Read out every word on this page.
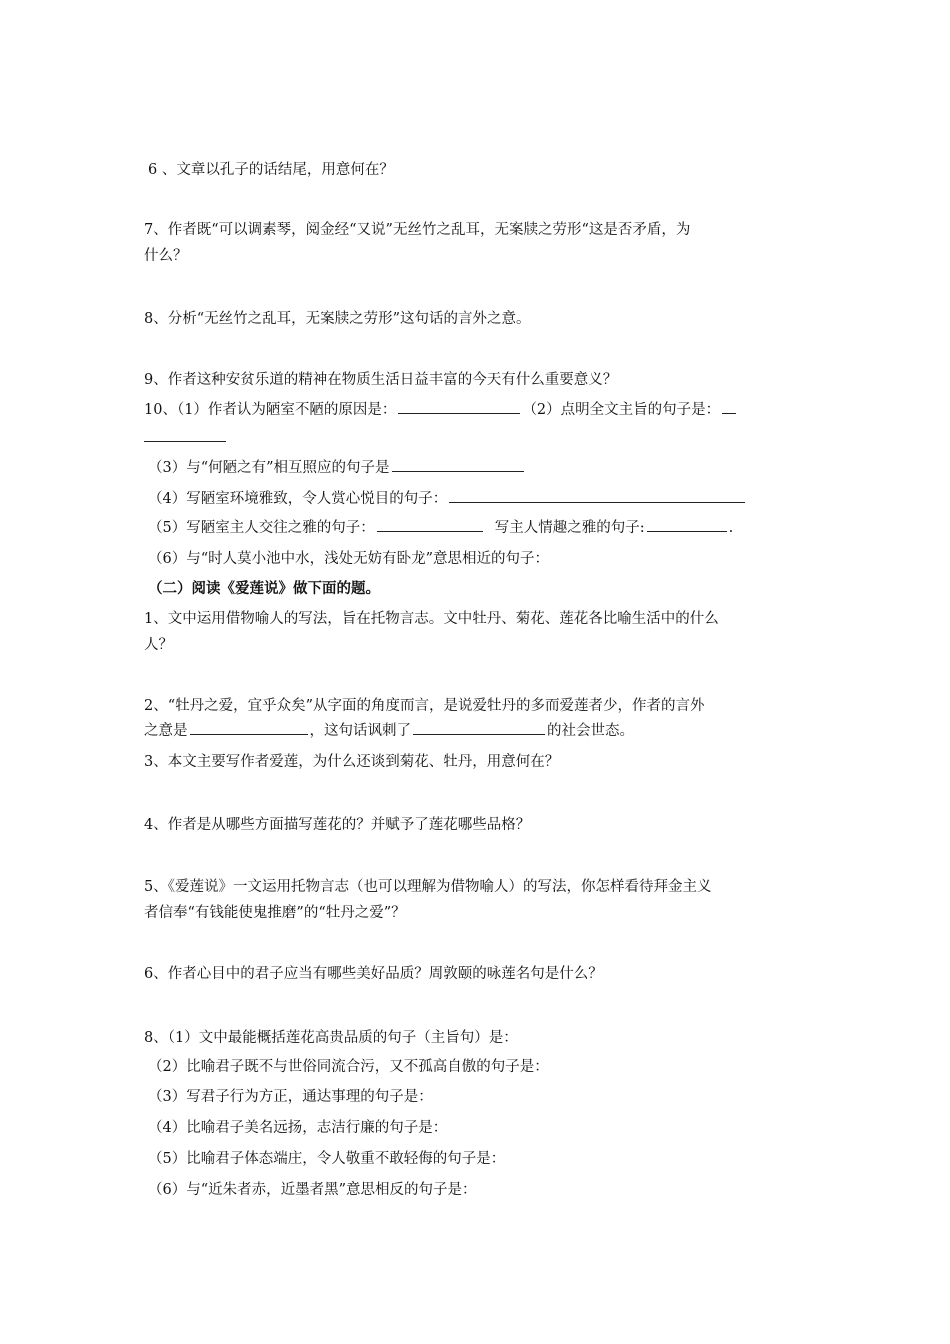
6 、文章以孔子的话结尾，用意何在？
7、作者既“可以调素琴，阅金经“又说”无丝竹之乱耳，无案牍之劳形“这是否矛盾，为
什么？
8、分析“无丝竹之乱耳，无案牍之劳形”这句话的言外之意。
9、作者这种安贫乐道的精神在物质生活日益丰富的今天有什么重要意义？
10、（1）作者认为陋室不陋的原因是：	（2）点明全文主旨的句子是：
（3）与“何陋之有”相互照应的句子是
（4）写陋室环境雅致，令人赏心悦目的句子：
（5）写陋室主人交往之雅的句子：	写主人情趣之雅的句子:	.
（6）与“时人莫小池中水，浅处无妨有卧龙”意思相近的句子：
（二）阅读《爱莲说》做下面的题。
1、文中运用借物喻人的写法，旨在托物言志。文中牡丹、菊花、莲花各比喻生活中的什么
人？
2、“牡丹之爱，宜乎众矣”从字面的角度而言，是说爱牡丹的多而爱莲者少，作者的言外
之意是	，这句话讽刺了	的社会世态。
3、本文主要写作者爱莲，为什么还谈到菊花、牡丹，用意何在？
4、作者是从哪些方面描写莲花的？并赋予了莲花哪些品格？
5、《爱莲说》一文运用托物言志（也可以理解为借物喻人）的写法，你怎样看待拜金主义
者信奉“有钱能使鬼推磨”的“牡丹之爱”？
6、作者心目中的君子应当有哪些美好品质？周敦颐的咏莲名句是什么？
8、（1）文中最能概括莲花高贵品质的句子（主旨句）是：
（2）比喻君子既不与世俗同流合污，又不孤高自傲的句子是：
（3）写君子行为方正，通达事理的句子是：
（4）比喻君子美名远扬，志洁行廉的句子是：
（5）比喻君子体态端庄，令人敬重不敢轻侮的句子是：
（6）与“近朱者赤，近墨者黑”意思相反的句子是：
